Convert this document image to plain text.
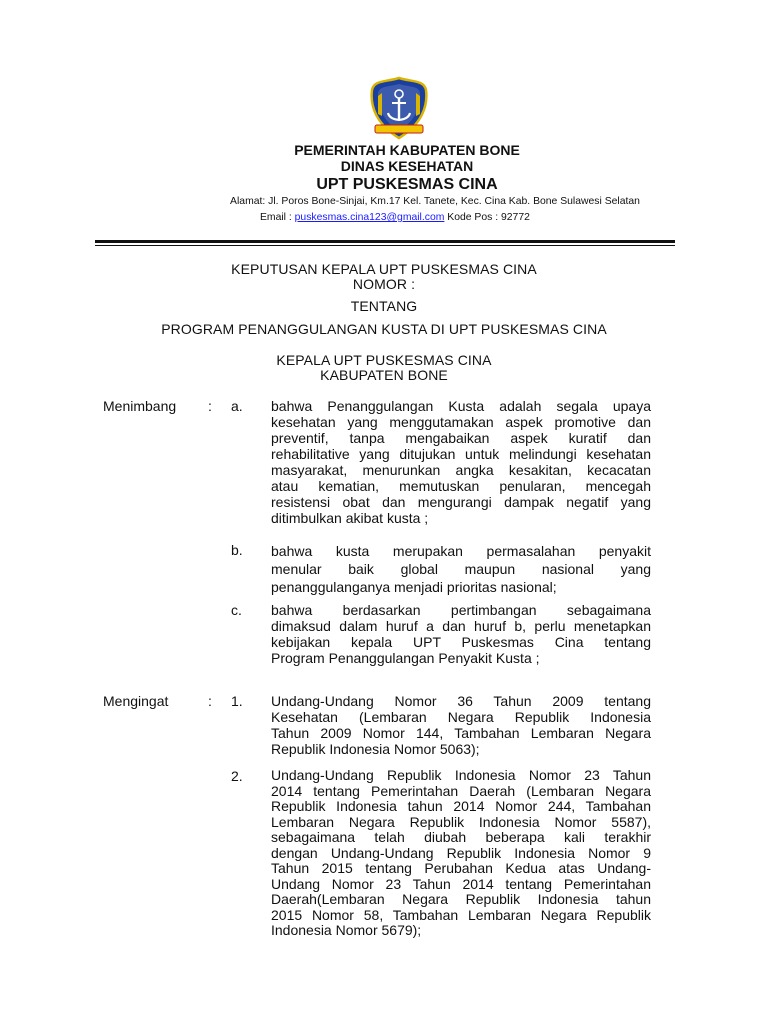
PEMERINTAH KABUPATEN BONE
DINAS KESEHATAN
UPT PUSKESMAS CINA
Alamat: Jl. Poros Bone-Sinjai, Km.17 Kel. Tanete, Kec. Cina Kab. Bone Sulawesi Selatan
Email : puskesmas.cina123@gmail.com Kode Pos : 92772
KEPUTUSAN KEPALA UPT PUSKESMAS CINA
NOMOR :
TENTANG
PROGRAM PENANGGULANGAN KUSTA DI UPT PUSKESMAS CINA
KEPALA UPT PUSKESMAS CINA
KABUPATEN BONE
Menimbang : a. bahwa Penanggulangan Kusta adalah segala upaya
kesehatan yang menggutamakan aspek promotive dan
preventif, tanpa mengabaikan aspek kuratif dan
rehabilitative yang ditujukan untuk melindungi kesehatan
masyarakat, menurunkan angka kesakitan, kecacatan
atau kematian, memutuskan penularan, mencegah
resistensi obat dan mengurangi dampak negatif yang
ditimbulkan akibat kusta ;
b. bahwa kusta merupakan permasalahan penyakit
menular baik global maupun nasional yang
penanggulanganya menjadi prioritas nasional;
c. bahwa berdasarkan pertimbangan sebagaimana
dimaksud dalam huruf a dan huruf b, perlu menetapkan
kebijakan kepala UPT Puskesmas Cina tentang
Program Penanggulangan Penyakit Kusta ;
Mengingat	: 1. Undang-Undang Nomor 36 Tahun 2009 tentang
Kesehatan (Lembaran Negara Republik Indonesia
Tahun 2009 Nomor 144, Tambahan Lembaran Negara
Republik Indonesia Nomor 5063);
2. Undang-Undang Republik Indonesia Nomor 23 Tahun
2014 tentang Pemerintahan Daerah (Lembaran Negara
Republik Indonesia tahun 2014 Nomor 244, Tambahan
Lembaran Negara Republik Indonesia Nomor 5587),
sebagaimana telah diubah beberapa kali terakhir
dengan Undang-Undang Republik Indonesia Nomor 9
Tahun 2015 tentang Perubahan Kedua atas Undang-
Undang Nomor 23 Tahun 2014 tentang Pemerintahan
Daerah(Lembaran Negara Republik Indonesia tahun
2015 Nomor 58, Tambahan Lembaran Negara Republik
Indonesia Nomor 5679);
